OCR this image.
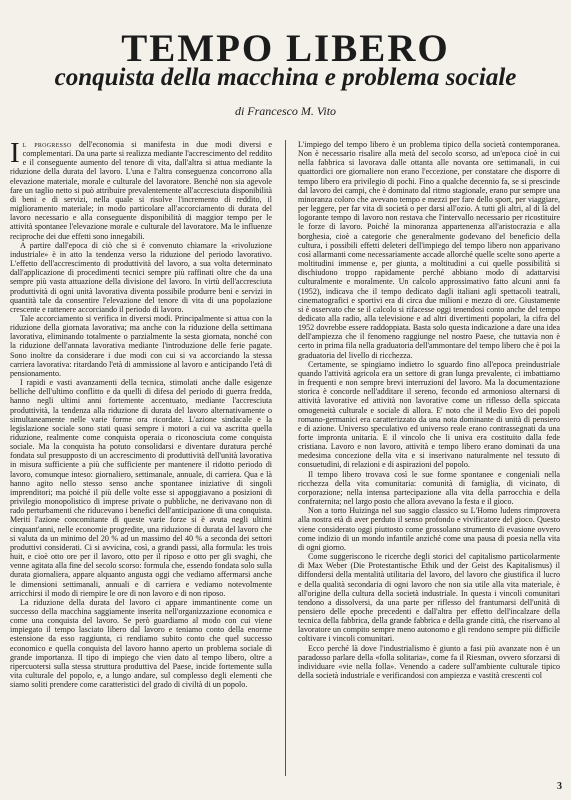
TEMPO LIBERO
conquista della macchina e problema sociale
di Francesco M. Vito

Il progresso dell'economia si manifesta in due modi diversi e complementari. Da una parte si realizza mediante l'accrescimento del reddito e il conseguente aumento del tenore di vita, dall'altra si attua mediante la riduzione della durata del lavoro. L'una e l'altra conseguenza concorrono alla elevazione materiale, morale e culturale del lavoratore. Benché non sia agevole fare un taglio netto si può attribuire prevalentemente all'accresciuta disponibilità di beni e di servizi, nella quale si risolve l'incremento di reddito, il miglioramento materiale; in modo particolare all'accorciamento di durata del lavoro necessario e alla conseguente disponibilità di maggior tempo per le attività spontanee l'elevazione morale e culturale del lavoratore. Ma le influenze reciproche dei due effetti sono innegabili.

A partire dall'epoca di ciò che si è convenuto chiamare la «rivoluzione industriale» è in atto la tendenza verso la riduzione del periodo lavorativo. L'effetto dell'accrescimento di produttività del lavoro, a sua volta determinato dall'applicazione di procedimenti tecnici sempre più raffinati oltre che da una sempre più vasta attuazione della divisione del lavoro. In virtù dell'accresciuta produttività di ogni unità lavorativa diventa possibile produrre beni e servizi in quantità tale da consentire l'elevazione del tenore di vita di una popolazione crescente e rattenere accorciando il periodo di lavoro.

Tale accorciamento si verifica in diversi modi. Principalmente si attua con la riduzione della giornata lavorativa; ma anche con la riduzione della settimana lavorativa, eliminando totalmente o parzialmente la sesta giornata, nonché con la riduzione dell'annata lavorativa mediante l'introduzione delle ferie pagate. Sono inoltre da considerare i due modi con cui si va accorciando la stessa carriera lavorativa: ritardando l'età di ammissione al lavoro e anticipando l'età di pensionamento.

I rapidi e vasti avanzamenti della tecnica, stimolati anche dalle esigenze belliche dell'ultimo conflitto e da quelli di difesa del periodo di guerra fredda, hanno negli ultimi anni fortemente accentuato, mediante l'accresciuta produttività, la tendenza alla riduzione di durata del lavoro alternativamente o simultaneamente nelle varie forme ora ricordate. L'azione sindacale e la legislazione sociale sono stati quasi sempre i motori a cui va ascritta quella riduzione, realmente come conquista operaia o riconosciuta come conquista sociale. Ma la conquista ha potuto consolidarsi e diventare duratura perché fondata sul presupposto di un accrescimento di produttività dell'unità lavorativa in misura sufficiente a più che sufficiente per mantenere il ridotto periodo di lavoro, comunque inteso: giornaliero, settimanale, annuale, di carriera. Qua e là hanno agito nello stesso senso anche spontanee iniziative di singoli imprenditori; ma poiché il più delle volte esse si appoggiavano a posizioni di privilegio monopolistico di imprese private o pubbliche, ne derivavano non di rado perturbamenti che riducevano i benefici dell'anticipazione di una conquista. Meriti l'azione concomitante di queste varie forze si è avuta negli ultimi cinquant'anni, nelle economie progredite, una riduzione di durata del lavoro che si valuta da un minimo del 20 % ad un massimo del 40 % a seconda dei settori produttivi considerati. Ci si avvicina, così, a grandi passi, alla formula: les trois huit, e cioè otto ore per il lavoro, otto per il riposo e otto per gli svaghi, che venne agitata alla fine del secolo scorso: formula che, essendo fondata solo sulla durata giornaliera, appare alquanto angusta oggi che vediamo affermarsi anche le dimensioni settimanali, annuali e di carriera e vediamo notevolmente arricchirsi il modo di riempire le ore di non lavoro e di non riposo.

La riduzione della durata del lavoro ci appare immantinente come un successo della macchina saggiamente inserita nell'organizzazione economica e come una conquista del lavoro. Se però guardiamo al modo con cui viene impiegato il tempo lasciato libero dal lavoro e teniamo conto della enorme estensione da esso raggiunta, ci rendiamo subito conto che quel successo economico e quella conquista del lavoro hanno aperto un problema sociale di grande importanza. Il tipo di impiego che vien dato al tempo libero, oltre a ripercuotersi sulla stessa struttura produttiva del Paese, incide fortemente sulla vita culturale del popolo, e, a lungo andare, sul complesso degli elementi che siamo soliti prendere come caratteristici del grado di civiltà di un popolo.

L'impiego del tempo libero è un problema tipico della società contemporanea. Non è necessario risalire alla metà del secolo scorso, ad un'epoca cioè in cui nella fabbrica si lavorava dalle ottanta alle novanta ore settimanali, in cui quattordici ore giornaliere non erano l'eccezione, per constatare che disporre di tempo libero era privilegio di pochi. Fino a qualche decennio fa, se si prescinde dal lavoro dei campi, che è dominato dal ritmo stagionale, erano pur sempre una minoranza coloro che avevano tempo e mezzi per fare dello sport, per viaggiare, per leggere, per far vita di società o per darsi all'ozio. A tutti gli altri, al di là del logorante tempo di lavoro non restava che l'intervallo necessario per ricostituire le forze di lavoro. Poiché la minoranza appartenenza all'aristocrazia e alla borghesia, cioè a categorie che generalmente godevano del beneficio della cultura, i possibili effetti deleteri dell'impiego del tempo libero non apparivano così allarmanti come necessariamente accade allorché quelle scelte sono aperte a moltitudini immense e, per giunta, a moltitudini a cui quelle possibilità si dischiudono troppo rapidamente perché abbiano modo di adattarvisi culturalmente e moralmente. Un calcolo approssimativo fatto alcuni anni fa (1952), indicava che il tempo dedicato dagli italiani agli spettacoli teatrali, cinematografici e sportivi era di circa due milioni e mezzo di ore. Giustamente si è osservato che se il calcolo si rifacesse oggi tenendosi conto anche del tempo dedicato alla radio, alla televisione e ad altri divertimenti popolari, la cifra del 1952 dovrebbe essere raddoppiata. Basta solo questa indicazione a dare una idea dell'ampiezza che il fenomeno raggiunge nel nostro Paese, che tuttavia non è certo in prima fila nella graduatoria dell'ammontare del tempo libero che è poi la graduatoria del livello di ricchezza.

Certamente, se spingiamo indietro lo sguardo fino all'epoca preindustriale quando l'attività agricola era un settore di gran lunga prevalente, ci imbattiamo in frequenti e non sempre brevi interruzioni del lavoro. Ma la documentazione storica è concorde nell'additare il sereno, fecondo ed armonioso alternarsi di attività lavorative ed attività non lavorative come un riflesso della spiccata omogeneità culturale e sociale di allora. E' noto che il Medio Evo dei popoli romano-germanici era caratterizzato da una nota dominante di unità di pensiero e di azione. Universo speculativo ed universo reale erano contrassegnati da una forte impronta unitaria. E il vincolo che li univa era costituito dalla fede cristiana. Lavoro e non lavoro, attività e tempo libero erano dominati da una medesima concezione della vita e si inserivano naturalmente nel tessuto di consuetudini, di relazioni e di aspirazioni del popolo.

Il tempo libero trovava così le sue forme spontanee e congeniali nella ricchezza della vita comunitaria: comunità di famiglia, di vicinato, di corporazione; nella intensa partecipazione alla vita della parrocchia e della confraternita; nel largo posto che allora avevano la festa e il gioco.

Non a torto Huizinga nel suo saggio classico su L'Homo ludens rimprovera alla nostra età di aver perduto il senso profondo e vivificatore del gioco. Questo viene considerato oggi piuttosto come grossolano strumento di evasione ovvero come indizio di un mondo infantile anziché come una pausa di poesia nella vita di ogni giorno.

Come suggeriscono le ricerche degli storici del capitalismo particolarmente di Max Weber (Die Protestantische Ethik und der Geist des Kapitalismus) il diffondersi della mentalità utilitaria del lavoro, del lavoro che giustifica il lucro e della qualità secondaria di ogni lavoro che non sia utile alla vita materiale, è all'origine della cultura della società industriale. In questa i vincoli comunitari tendono a dissolversi, da una parte per riflesso del frantumarsi dell'unità di pensiero delle epoche precedenti e dall'altra per effetto dell'incalzare della tecnica della fabbrica, della grande fabbrica e della grande città, che riservano al lavoratore un compito sempre meno autonomo e gli rendono sempre più difficile coltivare i vincoli comunitari.

Ecco perché là dove l'industrialismo è giunto a fasi più avanzate non è un paradosso parlare della «folla solitaria», come fa il Riesman, ovvero sforzarsi di individuare «vie nella folla». Venendo a cadere sull'ambiente culturale tipico della società industriale e verificandosi con ampiezza e vastità crescenti col

3
